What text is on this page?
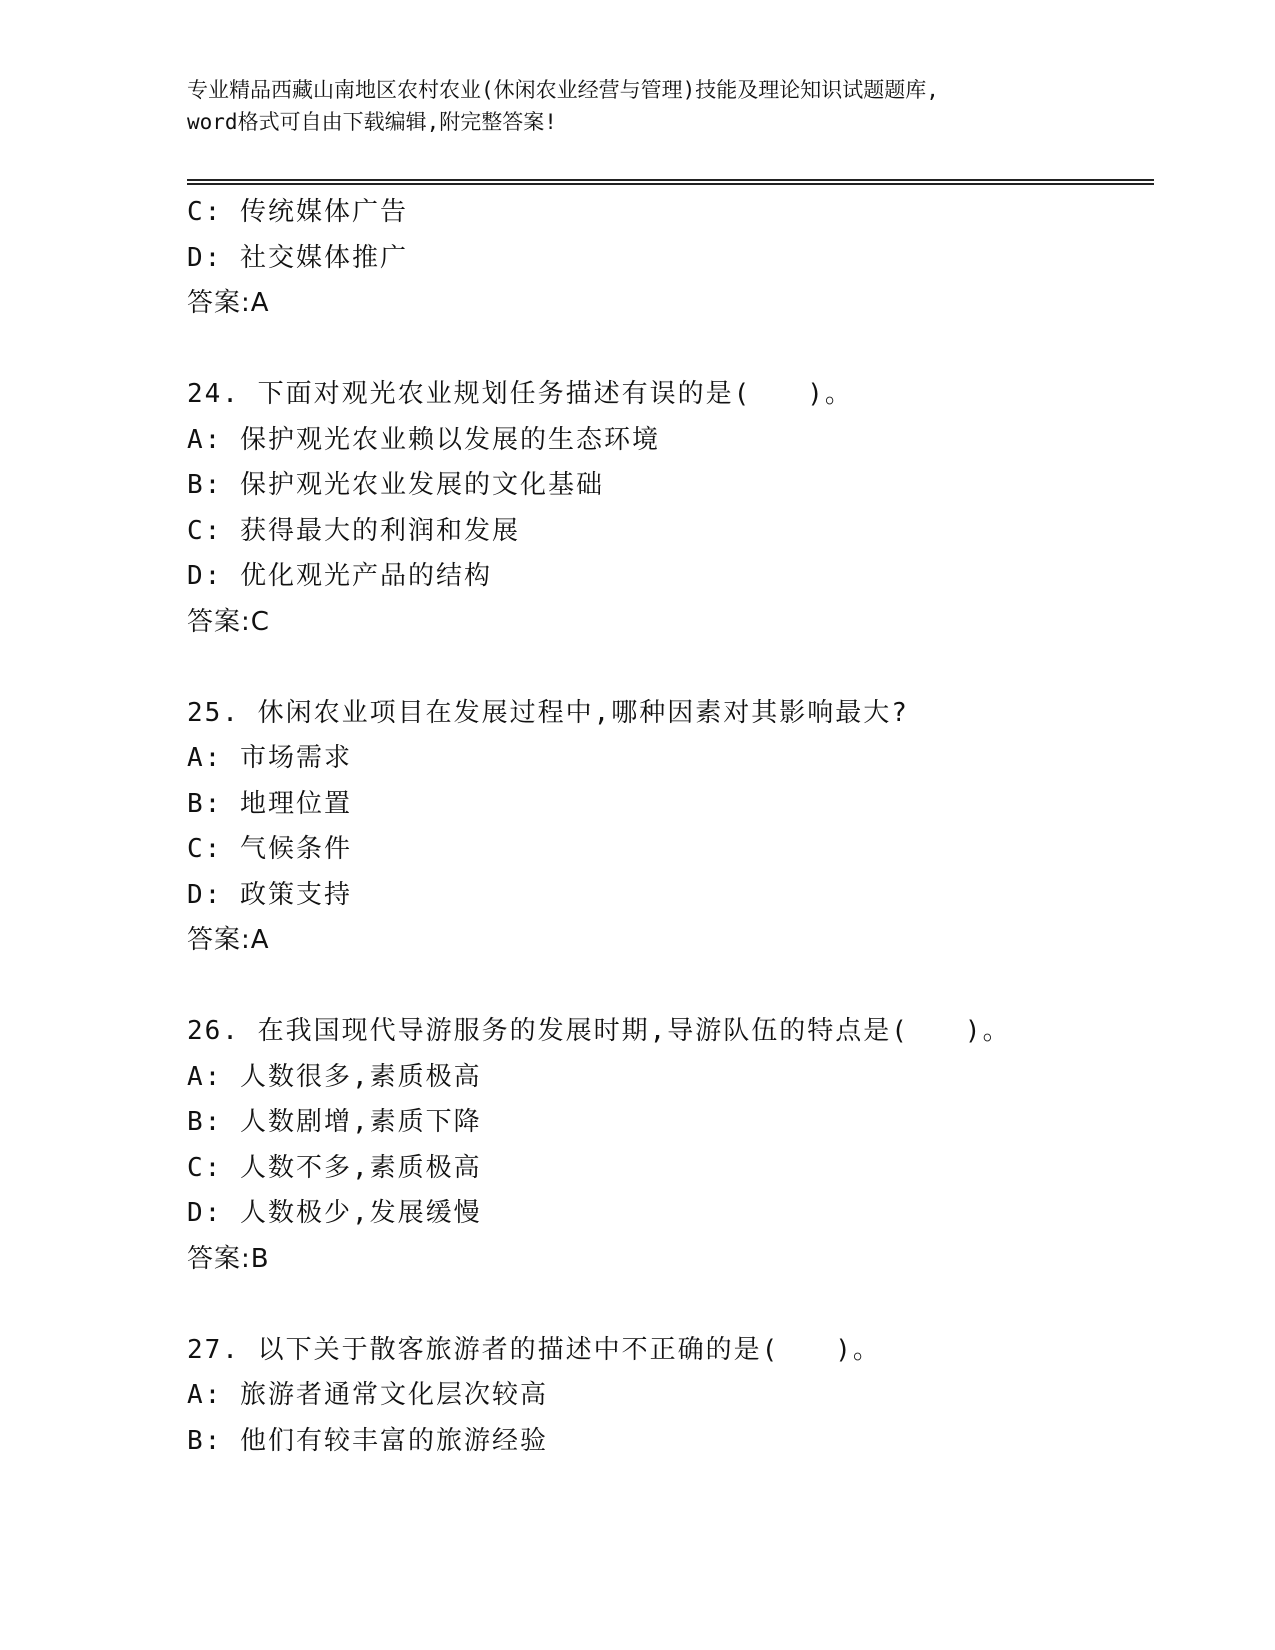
专业精品西藏山南地区农村农业(休闲农业经营与管理)技能及理论知识试题题库,
word格式可自由下载编辑,附完整答案!
C: 传统媒体广告
D: 社交媒体推广
答案:A
24. 下面对观光农业规划任务描述有误的是(　　)。
A: 保护观光农业赖以发展的生态环境
B: 保护观光农业发展的文化基础
C: 获得最大的利润和发展
D: 优化观光产品的结构
答案:C
25. 休闲农业项目在发展过程中,哪种因素对其影响最大?
A: 市场需求
B: 地理位置
C: 气候条件
D: 政策支持
答案:A
26. 在我国现代导游服务的发展时期,导游队伍的特点是(　　)。
A: 人数很多,素质极高
B: 人数剧增,素质下降
C: 人数不多,素质极高
D: 人数极少,发展缓慢
答案:B
27. 以下关于散客旅游者的描述中不正确的是(　　)。
A: 旅游者通常文化层次较高
B: 他们有较丰富的旅游经验
